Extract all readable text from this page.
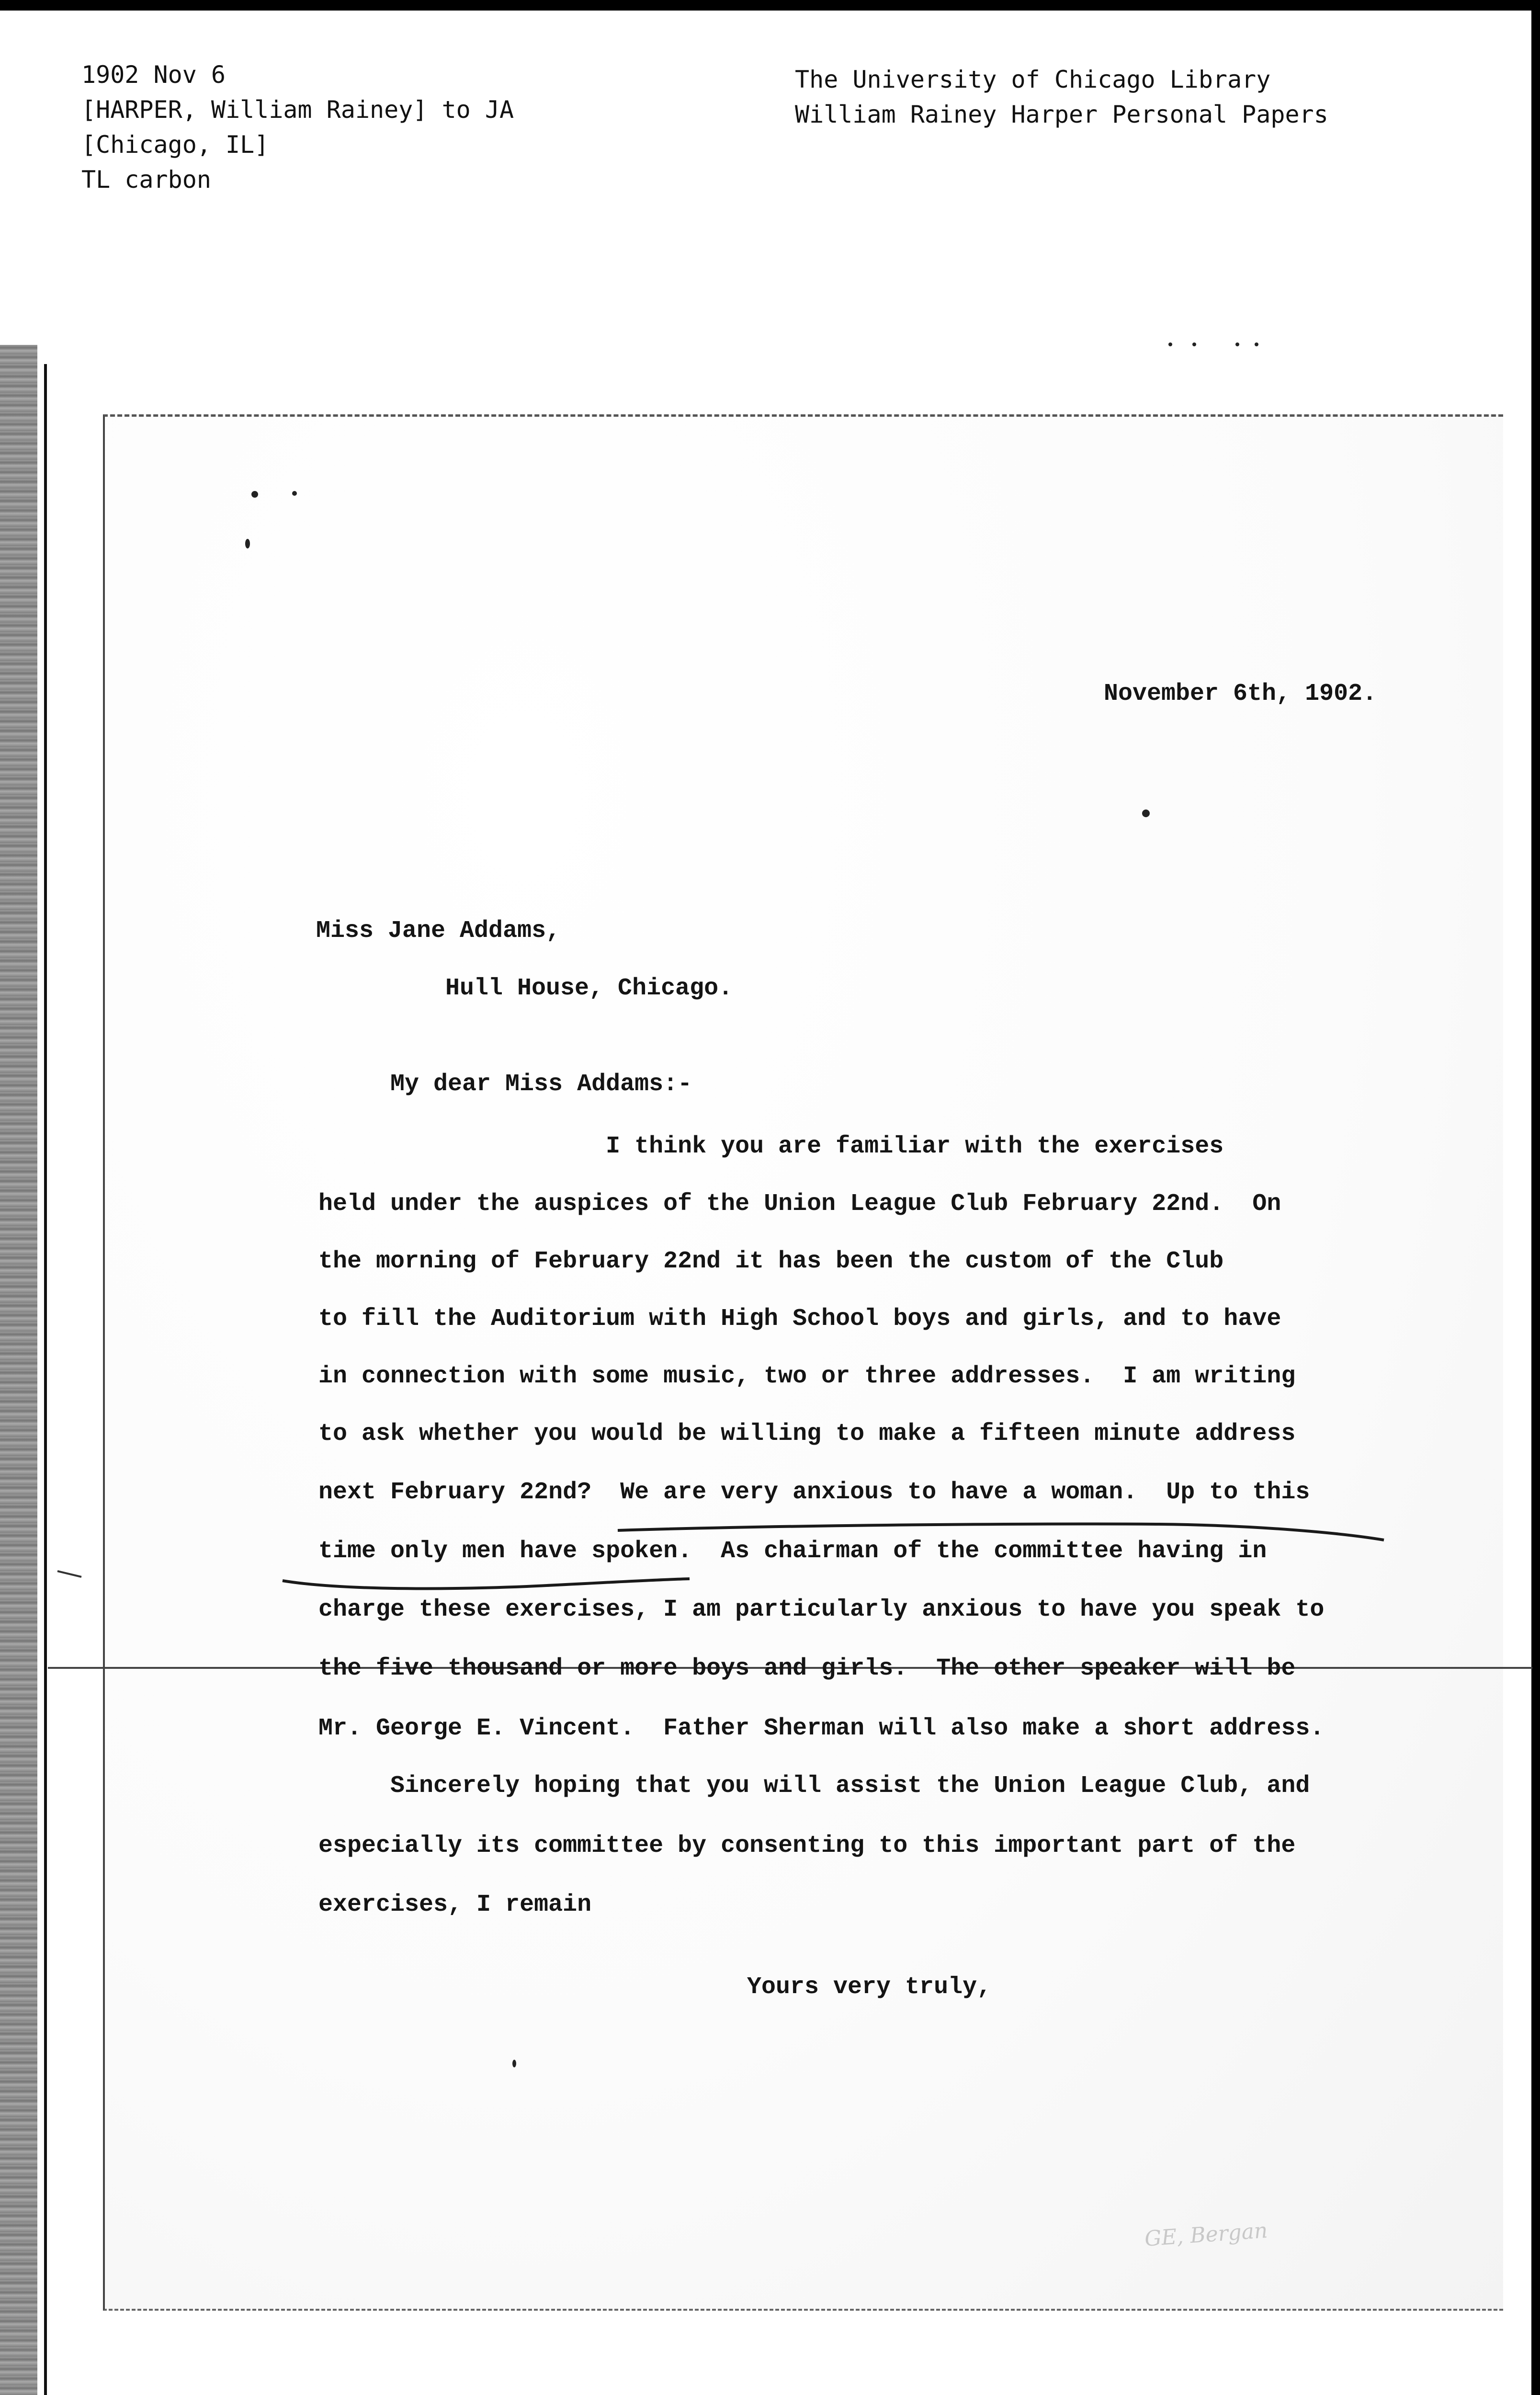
1902 Nov 6
[HARPER, William Rainey] to JA
[Chicago, IL]
TL carbon
The University of Chicago Library
William Rainey Harper Personal Papers
November 6th, 1902.
Miss Jane Addams,
Hull House, Chicago.
My dear Miss Addams:-
I think you are familiar with the exercises
held under the auspices of the Union League Club February 22nd.  On
the morning of February 22nd it has been the custom of the Club
to fill the Auditorium with High School boys and girls, and to have
in connection with some music, two or three addresses.  I am writing
to ask whether you would be willing to make a fifteen minute address
next February 22nd?  We are very anxious to have a woman.  Up to this
time only men have spoken.  As chairman of the committee having in
charge these exercises, I am particularly anxious to have you speak to
the five thousand or more boys and girls.  The other speaker will be
Mr. George E. Vincent.  Father Sherman will also make a short address.
Sincerely hoping that you will assist the Union League Club, and
especially its committee by consenting to this important part of the
exercises, I remain
Yours very truly,
GE, Bergan
